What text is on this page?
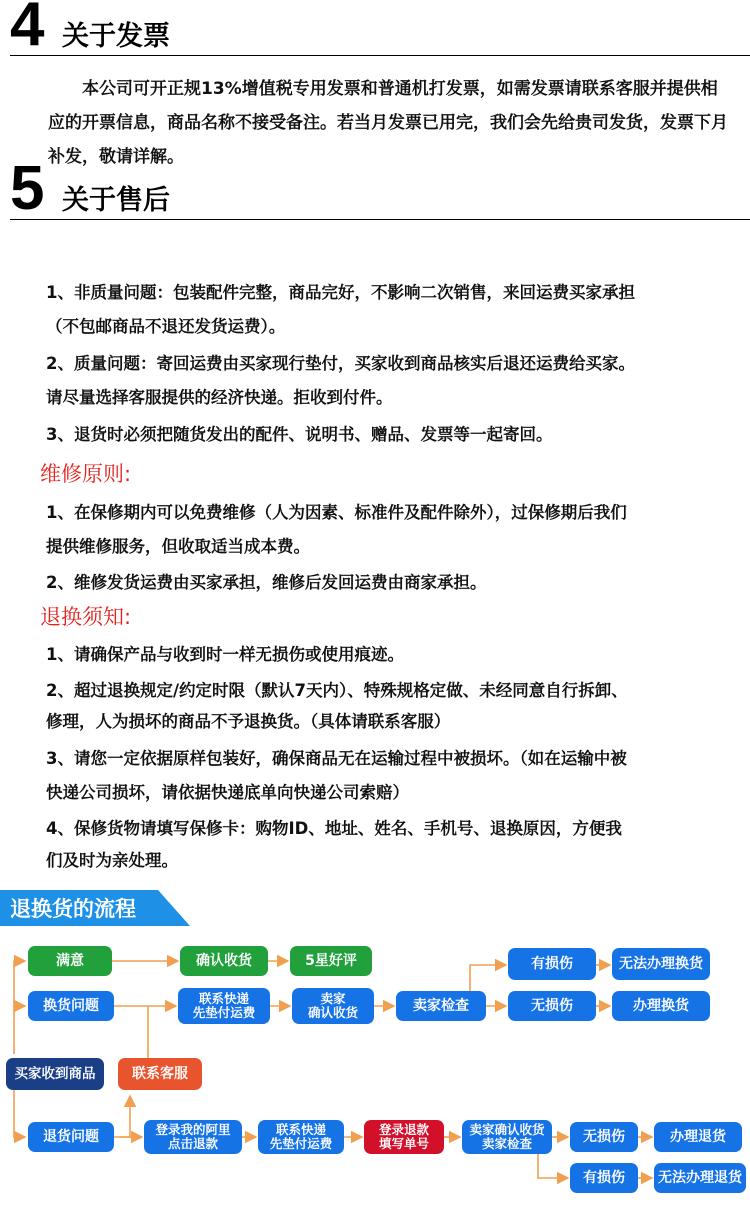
4 关于发票

本公司可开正规13%增值税专用发票和普通机打发票，如需发票请联系客服并提供相应的开票信息，商品名称不接受备注。若当月发票已用完，我们会先给贵司发货，发票下月补发，敬请详解。

5 关于售后
1、非质量问题：包装配件完整，商品完好，不影响二次销售，来回运费买家承担
（不包邮商品不退还发货运费）。
2、质量问题：寄回运费由买家现行垫付，买家收到商品核实后退还运费给买家。
请尽量选择客服提供的经济快递。拒收到付件。
3、退货时必须把随货发出的配件、说明书、赠品、发票等一起寄回。
维修原则:
1、在保修期内可以免费维修（人为因素、标准件及配件除外），过保修期后我们
提供维修服务，但收取适当成本费。
2、维修发货运费由买家承担，维修后发回运费由商家承担。
退换须知:
1、请确保产品与收到时一样无损伤或使用痕迹。
2、超过退换规定/约定时限（默认7天内）、特殊规格定做、未经同意自行拆卸、
修理，人为损坏的商品不予退换货。（具体请联系客服）
3、请您一定依据原样包装好，确保商品无在运输过程中被损坏。（如在运输中被
快递公司损坏，请依据快递底单向快递公司索赔）
4、保修货物请填写保修卡：购物ID、地址、姓名、手机号、退换原因，方便我
们及时为亲处理。
退换货的流程
满意	确认收货	5星好评
换货问题	联系快递
先垫付运费
卖家
确认收货	卖家检查
有损伤	无法办理换货
无损伤	办理换货
买家收到商品	联系客服
退货问题	登录我的阿里
点击退款
联系快递
先垫付运费
登录退款
填写单号
卖家确认收货
卖家检查	无损伤	办理退货
有损伤	无法办理退货
